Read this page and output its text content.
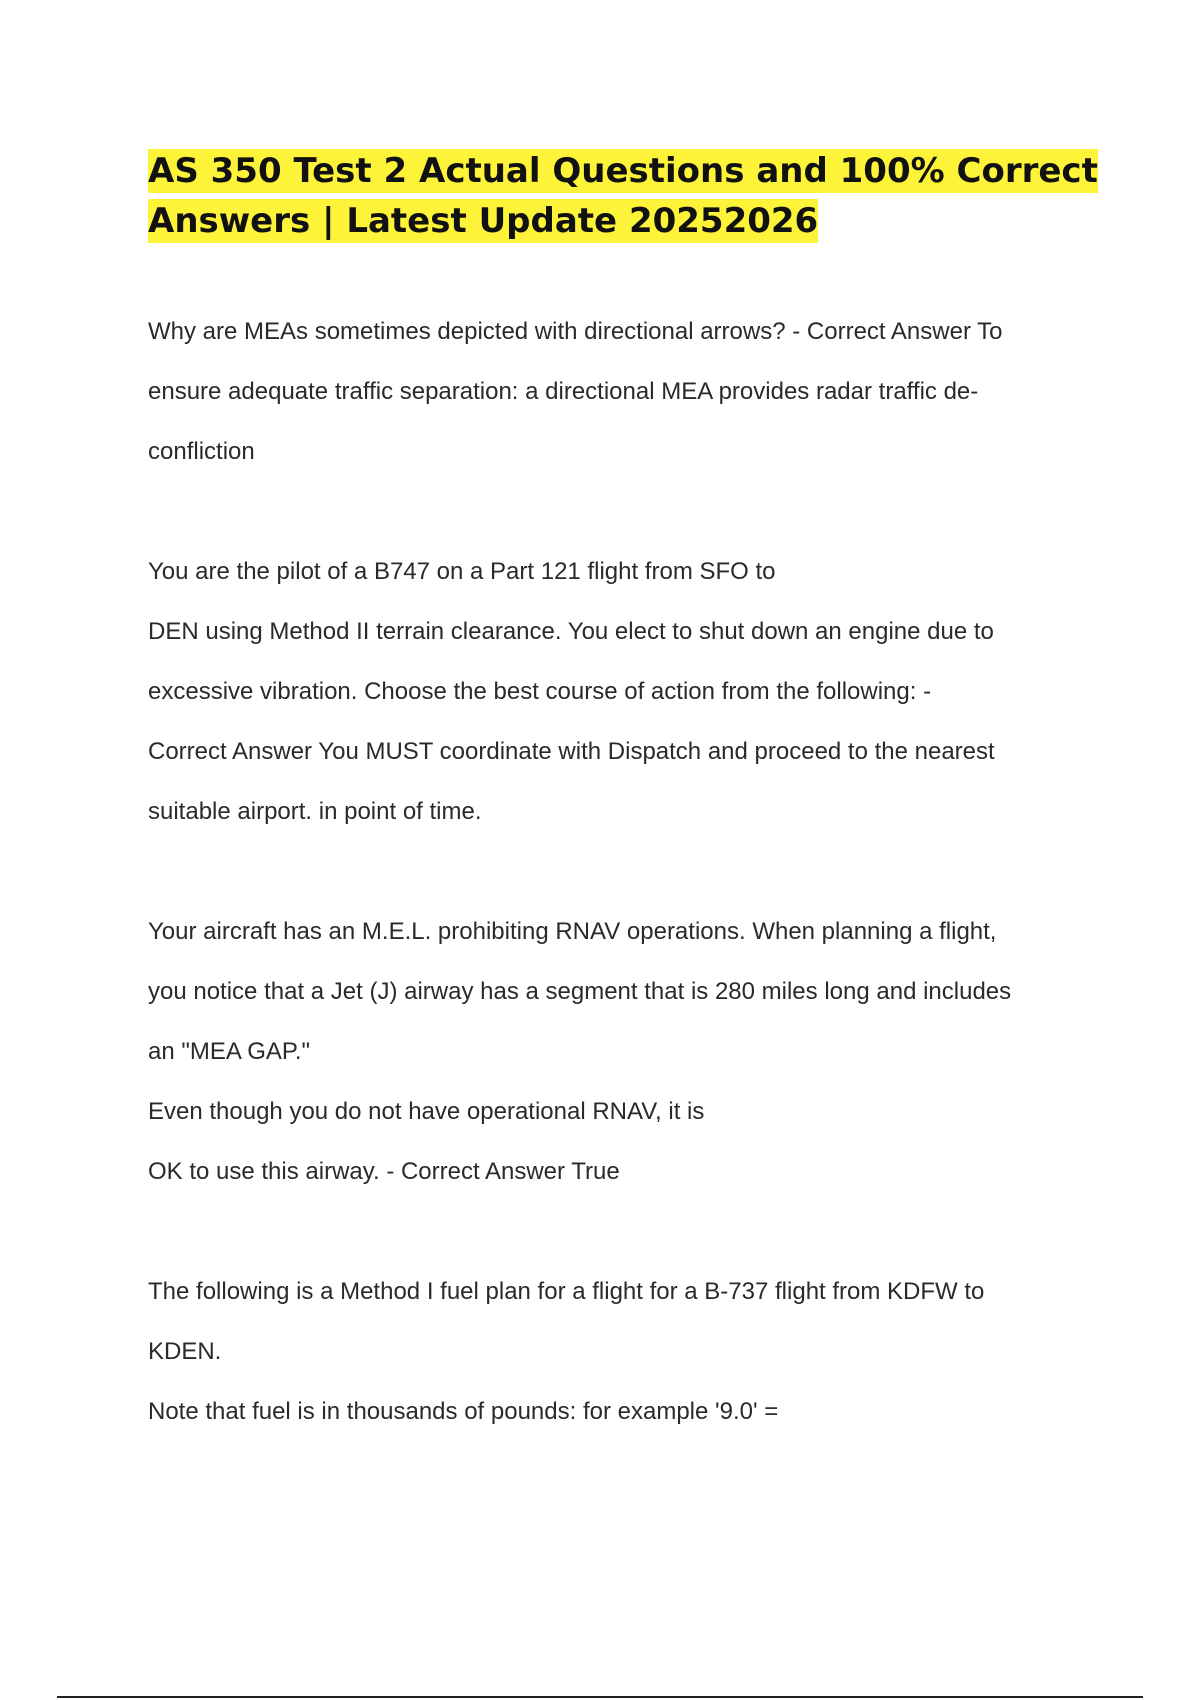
AS 350 Test 2 Actual Questions and 100% Correct
Answers | Latest Update 20252026

Why are MEAs sometimes depicted with directional arrows? - Correct Answer To
ensure adequate traffic separation: a directional MEA provides radar traffic de-
confliction

You are the pilot of a B747 on a Part 121 flight from SFO to
DEN using Method II terrain clearance. You elect to shut down an engine due to
excessive vibration. Choose the best course of action from the following: -
Correct Answer You MUST coordinate with Dispatch and proceed to the nearest
suitable airport. in point of time.

Your aircraft has an M.E.L. prohibiting RNAV operations. When planning a flight,
you notice that a Jet (J) airway has a segment that is 280 miles long and includes
an "MEA GAP."
Even though you do not have operational RNAV, it is
OK to use this airway. - Correct Answer True

The following is a Method I fuel plan for a flight for a B-737 flight from KDFW to
KDEN.
Note that fuel is in thousands of pounds: for example '9.0' =
